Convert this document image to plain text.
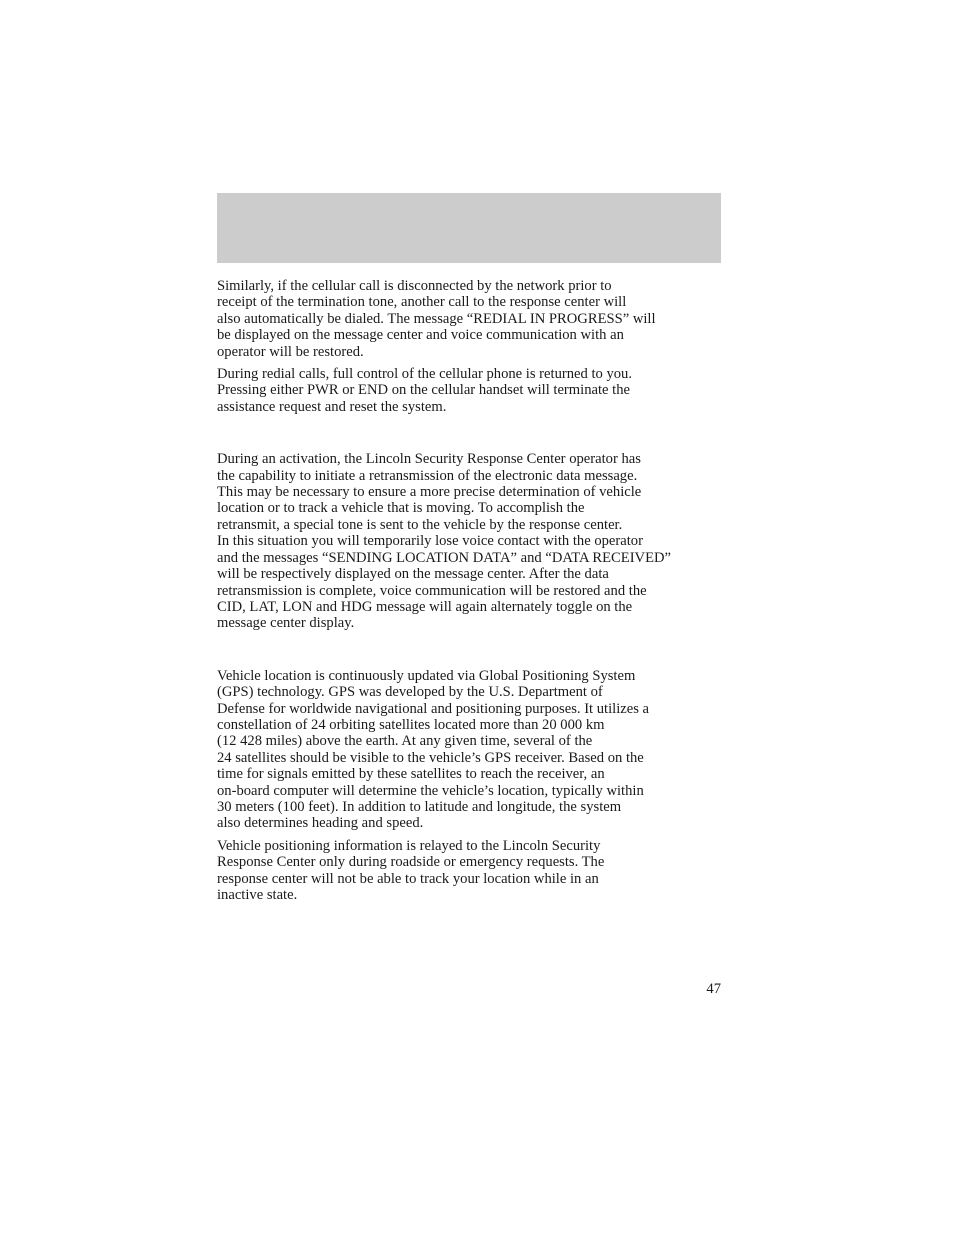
Similarly, if the cellular call is disconnected by the network prior to
receipt of the termination tone, another call to the response center will
also automatically be dialed. The message “REDIAL IN PROGRESS” will
be displayed on the message center and voice communication with an
operator will be restored.

During redial calls, full control of the cellular phone is returned to you.
Pressing either PWR or END on the cellular handset will terminate the
assistance request and reset the system.

During an activation, the Lincoln Security Response Center operator has
the capability to initiate a retransmission of the electronic data message.
This may be necessary to ensure a more precise determination of vehicle
location or to track a vehicle that is moving. To accomplish the
retransmit, a special tone is sent to the vehicle by the response center.
In this situation you will temporarily lose voice contact with the operator
and the messages “SENDING LOCATION DATA” and “DATA RECEIVED”
will be respectively displayed on the message center. After the data
retransmission is complete, voice communication will be restored and the
CID, LAT, LON and HDG message will again alternately toggle on the
message center display.

Vehicle location is continuously updated via Global Positioning System
(GPS) technology. GPS was developed by the U.S. Department of
Defense for worldwide navigational and positioning purposes. It utilizes a
constellation of 24 orbiting satellites located more than 20 000 km
(12 428 miles) above the earth. At any given time, several of the
24 satellites should be visible to the vehicle’s GPS receiver. Based on the
time for signals emitted by these satellites to reach the receiver, an
on-board computer will determine the vehicle’s location, typically within
30 meters (100 feet). In addition to latitude and longitude, the system
also determines heading and speed.

Vehicle positioning information is relayed to the Lincoln Security
Response Center only during roadside or emergency requests. The
response center will not be able to track your location while in an
inactive state.

47
